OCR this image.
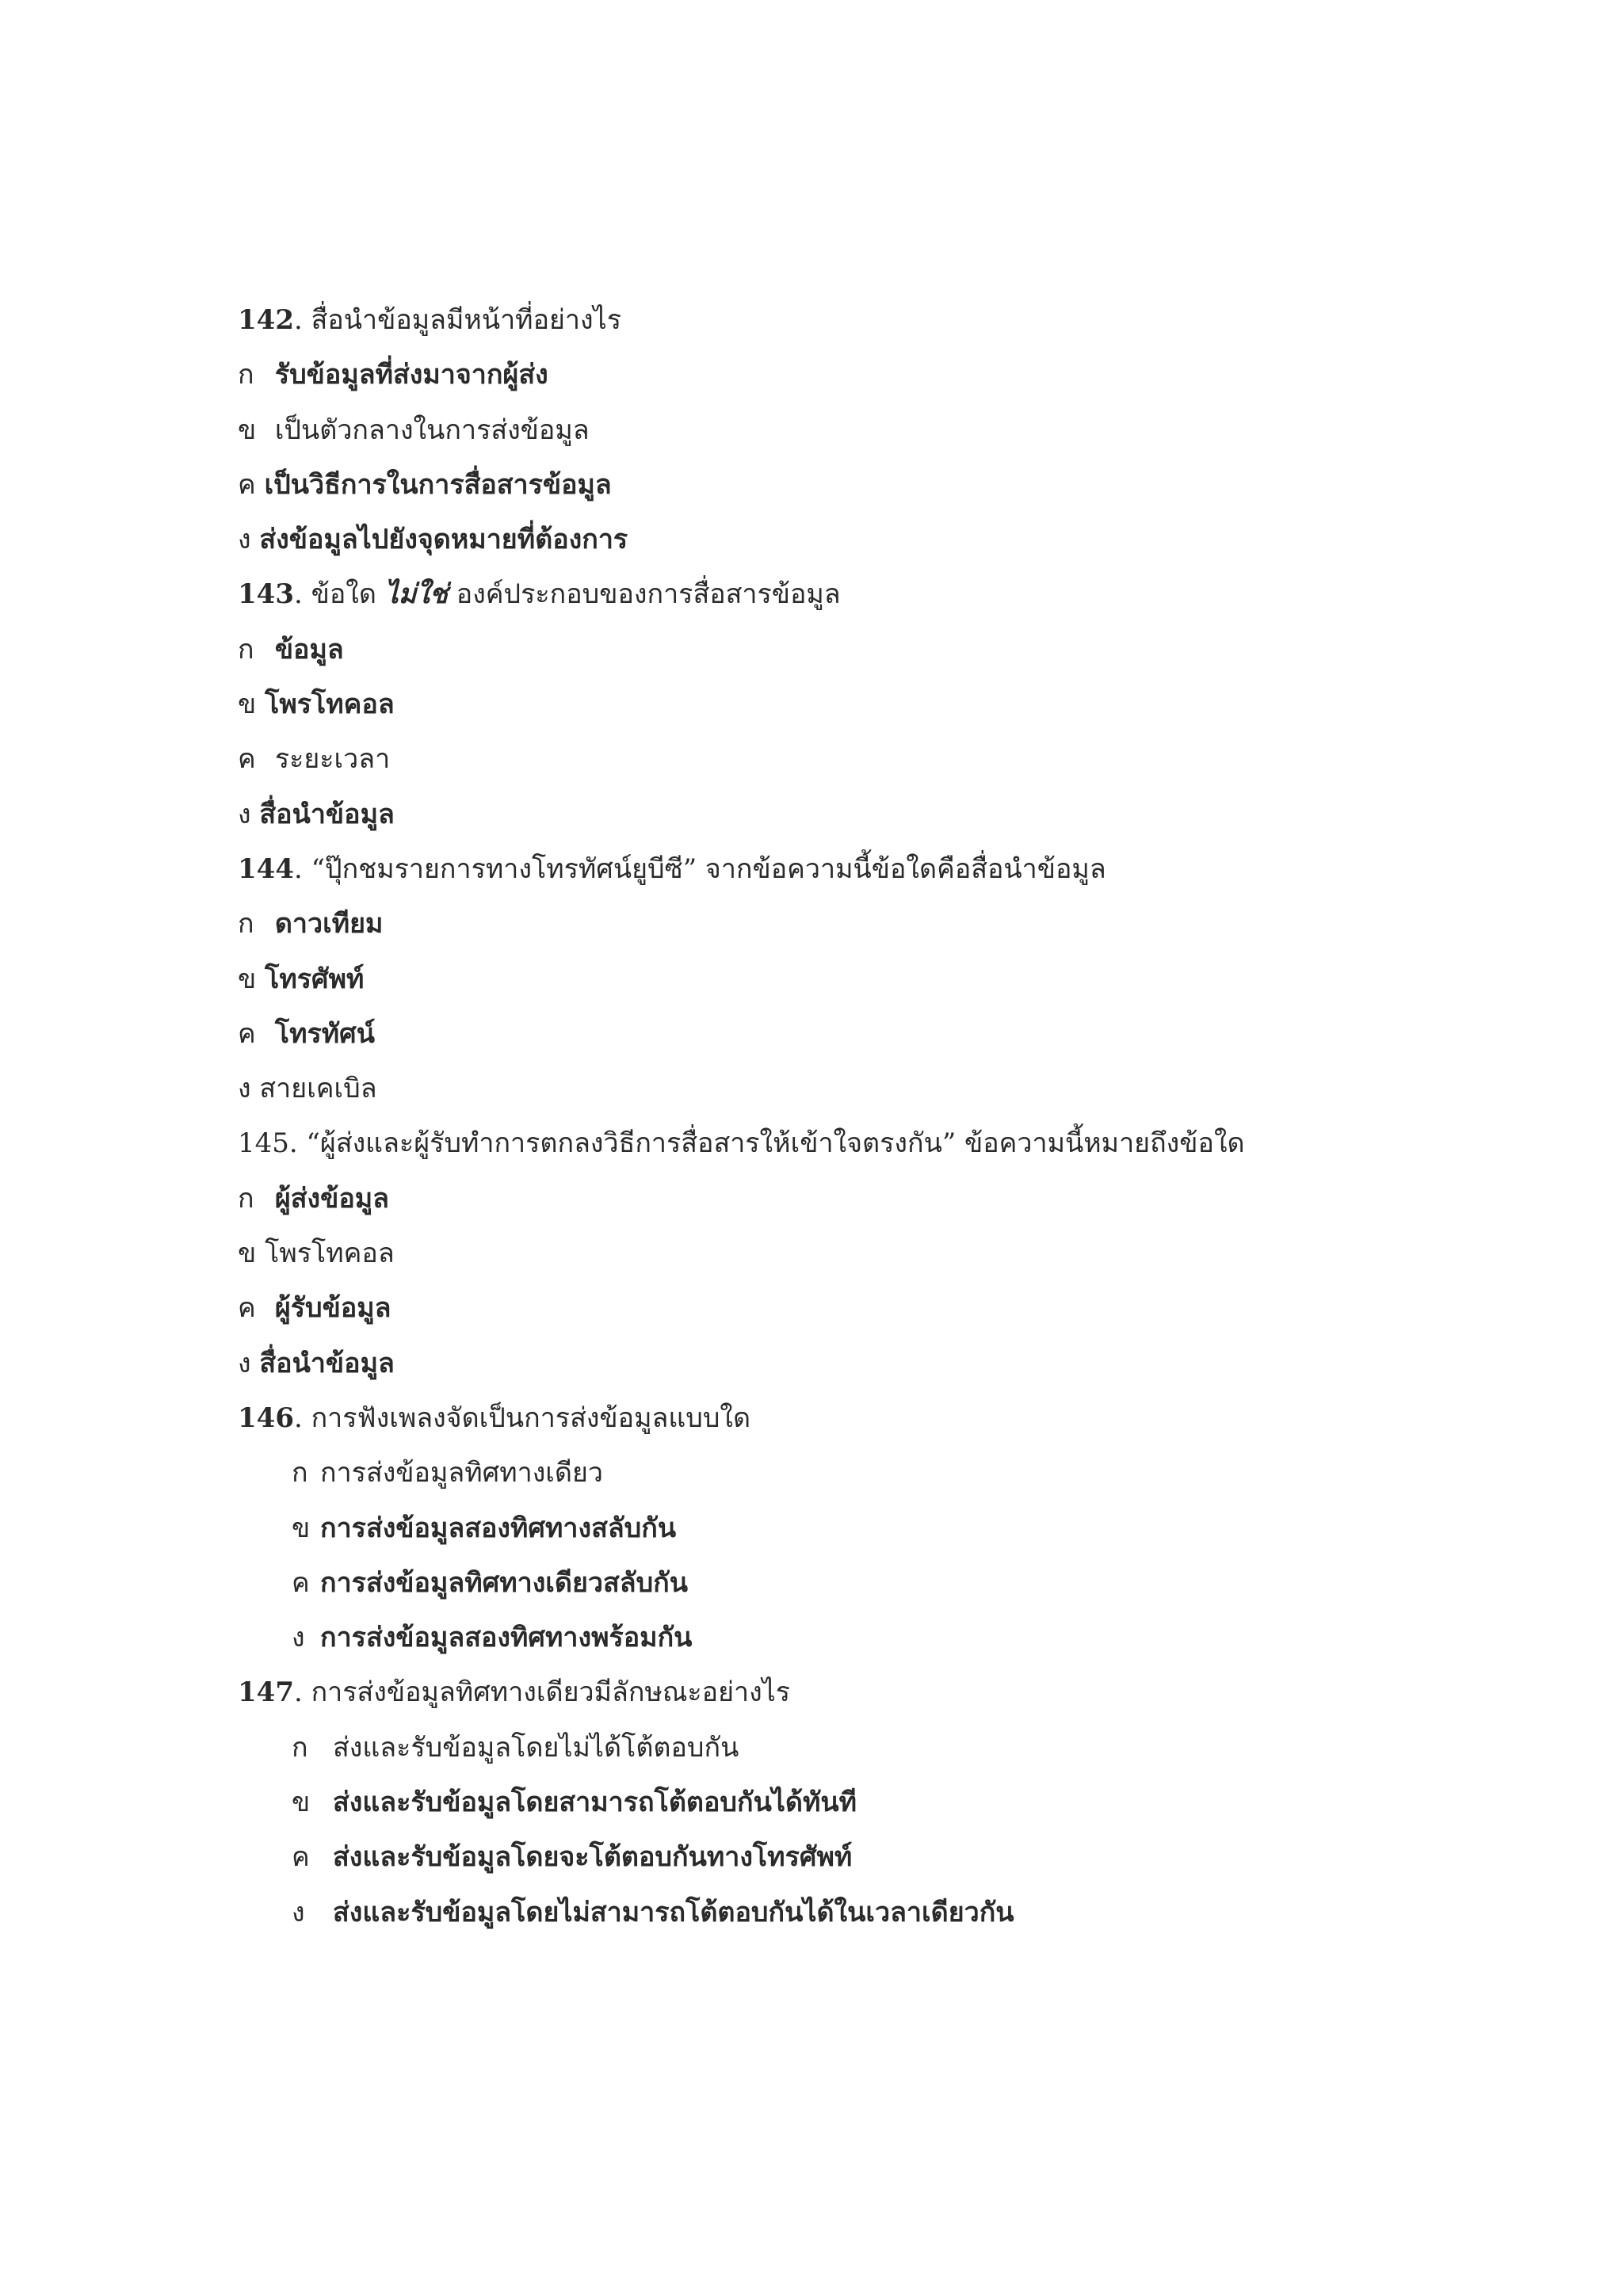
142. สื่อนำข้อมูลมีหน้าที่อย่างไร
ก รับข้อมูลที่ส่งมาจากผู้ส่ง
ข เป็นตัวกลางในการส่งข้อมูล
ค เป็นวิธีการในการสื่อสารข้อมูล
ง ส่งข้อมูลไปยังจุดหมายที่ต้องการ
143. ข้อใด ไม่ใช่ องค์ประกอบของการสื่อสารข้อมูล
ก ข้อมูล
ข โพรโทคอล
ค ระยะเวลา
ง สื่อนำข้อมูล
144. “ปุ๊กชมรายการทางโทรทัศน์ยูบีซี” จากข้อความนี้ข้อใดคือสื่อนำข้อมูล
ก ดาวเทียม
ข โทรศัพท์
ค โทรทัศน์
ง สายเคเบิล
145. “ผู้ส่งและผู้รับทำการตกลงวิธีการสื่อสารให้เข้าใจตรงกัน” ข้อความนี้หมายถึงข้อใด
ก ผู้ส่งข้อมูล
ข โพรโทคอล
ค ผู้รับข้อมูล
ง สื่อนำข้อมูล
146. การฟังเพลงจัดเป็นการส่งข้อมูลแบบใด
ก การส่งข้อมูลทิศทางเดียว
ข การส่งข้อมูลสองทิศทางสลับกัน
ค การส่งข้อมูลทิศทางเดียวสลับกัน
ง การส่งข้อมูลสองทิศทางพร้อมกัน
147. การส่งข้อมูลทิศทางเดียวมีลักษณะอย่างไร
ก ส่งและรับข้อมูลโดยไม่ได้โต้ตอบกัน
ข ส่งและรับข้อมูลโดยสามารถโต้ตอบกันได้ทันที
ค ส่งและรับข้อมูลโดยจะโต้ตอบกันทางโทรศัพท์
ง ส่งและรับข้อมูลโดยไม่สามารถโต้ตอบกันได้ในเวลาเดียวกัน
